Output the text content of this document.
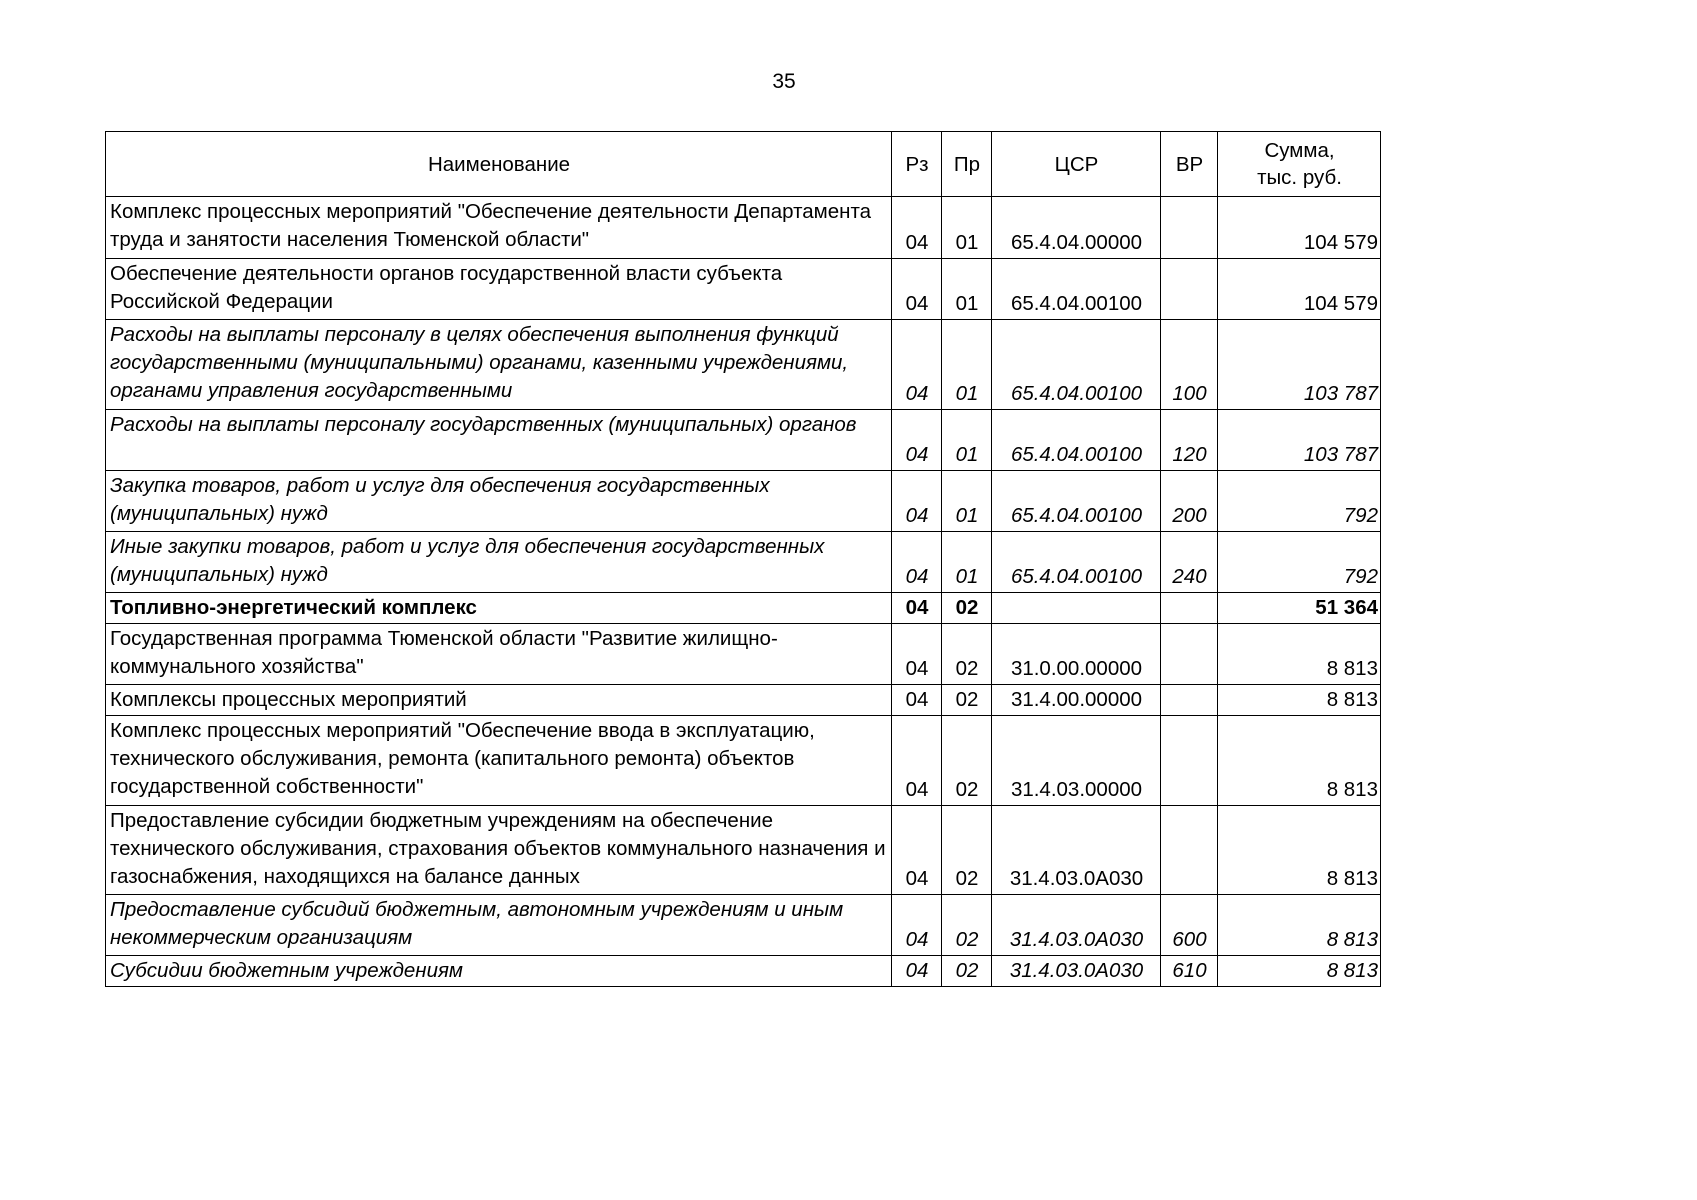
35
Наименование	Рз	Пр	ЦСР	ВР	Сумма,
тыс. руб.
Комплекс процессных мероприятий "Обеспечение деятельности Департамента труда и занятости населения Тюменской области"	04	01	65.4.04.00000		104 579
Обеспечение деятельности органов государственной власти субъекта Российской Федерации	04	01	65.4.04.00100		104 579
Расходы на выплаты персоналу в целях обеспечения выполнения функций государственными (муниципальными) органами, казенными учреждениями, органами управления государственными	04	01	65.4.04.00100	100	103 787
Расходы на выплаты персоналу государственных (муниципальных) органов	04	01	65.4.04.00100	120	103 787
Закупка товаров, работ и услуг для обеспечения государственных (муниципальных) нужд	04	01	65.4.04.00100	200	792
Иные закупки товаров, работ и услуг для обеспечения государственных (муниципальных) нужд	04	01	65.4.04.00100	240	792
Топливно-энергетический комплекс	04	02			51 364
Государственная программа Тюменской области "Развитие жилищно-коммунального хозяйства"	04	02	31.0.00.00000		8 813
Комплексы процессных мероприятий	04	02	31.4.00.00000		8 813
Комплекс процессных мероприятий "Обеспечение ввода в эксплуатацию, технического обслуживания, ремонта (капитального ремонта) объектов государственной собственности"	04	02	31.4.03.00000		8 813
Предоставление субсидии бюджетным учреждениям на обеспечение технического обслуживания, страхования объектов коммунального назначения и газоснабжения, находящихся на балансе данных	04	02	31.4.03.0А030		8 813
Предоставление субсидий бюджетным, автономным учреждениям и иным некоммерческим организациям	04	02	31.4.03.0А030	600	8 813
Субсидии бюджетным учреждениям	04	02	31.4.03.0А030	610	8 813
